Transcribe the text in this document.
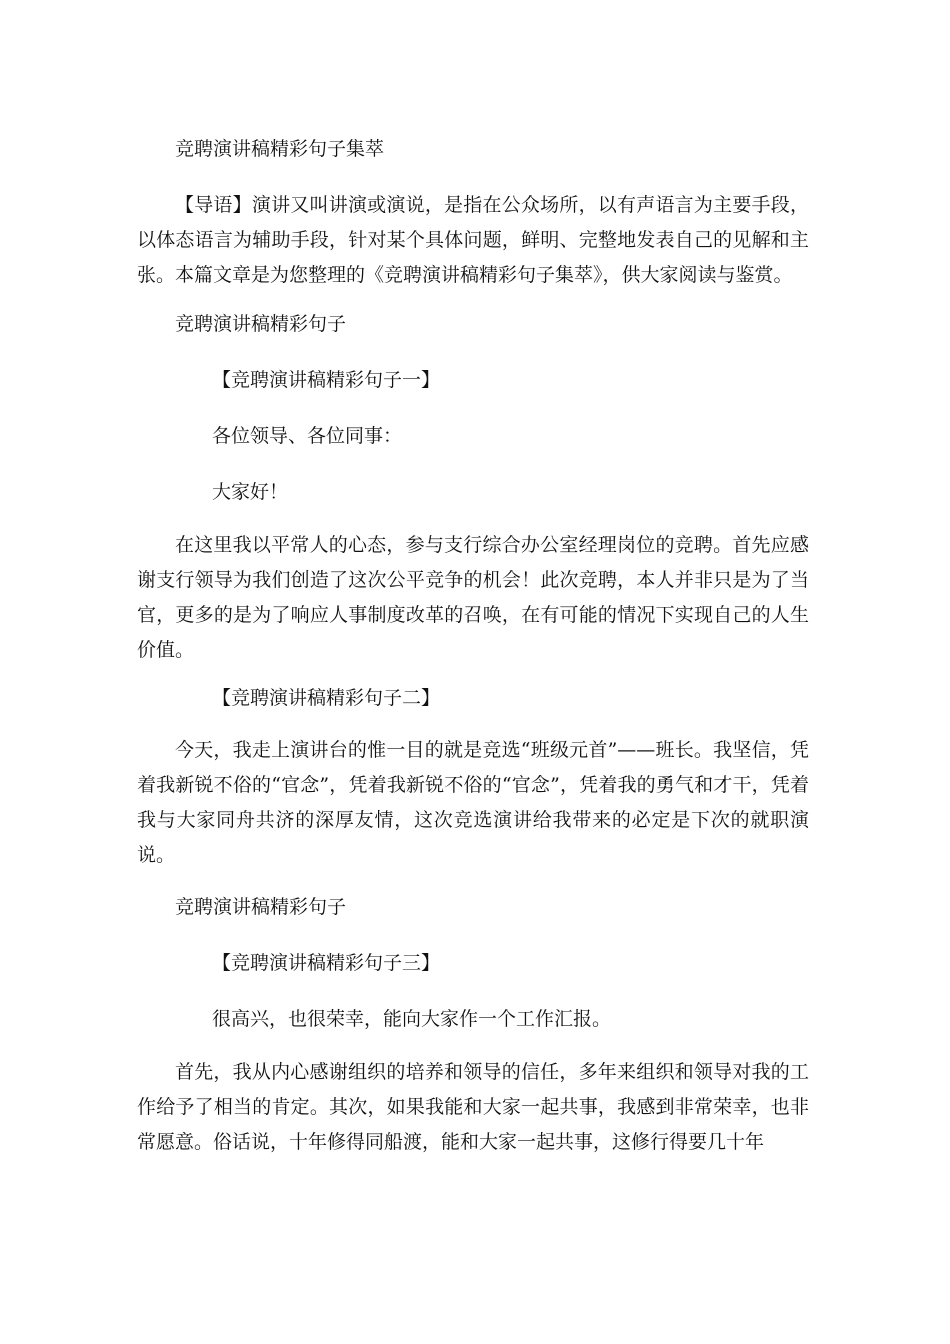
竞聘演讲稿精彩句子集萃

【导语】演讲又叫讲演或演说，是指在公众场所，以有声语言为主要手段，以体态语言为辅助手段，针对某个具体问题，鲜明、完整地发表自己的见解和主张。本篇文章是为您整理的《竞聘演讲稿精彩句子集萃》，供大家阅读与鉴赏。

竞聘演讲稿精彩句子

【竞聘演讲稿精彩句子一】

各位领导、各位同事：

大家好！

在这里我以平常人的心态，参与支行综合办公室经理岗位的竞聘。首先应感谢支行领导为我们创造了这次公平竞争的机会！此次竞聘，本人并非只是为了当官，更多的是为了响应人事制度改革的召唤，在有可能的情况下实现自己的人生价值。

【竞聘演讲稿精彩句子二】

今天，我走上演讲台的惟一目的就是竞选“班级元首”——班长。我坚信，凭着我新锐不俗的“官念”，凭着我新锐不俗的“官念”，凭着我的勇气和才干，凭着我与大家同舟共济的深厚友情，这次竞选演讲给我带来的必定是下次的就职演说。

竞聘演讲稿精彩句子

【竞聘演讲稿精彩句子三】

很高兴，也很荣幸，能向大家作一个工作汇报。

首先，我从内心感谢组织的培养和领导的信任，多年来组织和领导对我的工作给予了相当的肯定。其次，如果我能和大家一起共事，我感到非常荣幸，也非常愿意。俗话说，十年修得同船渡，能和大家一起共事，这修行得要几十年
